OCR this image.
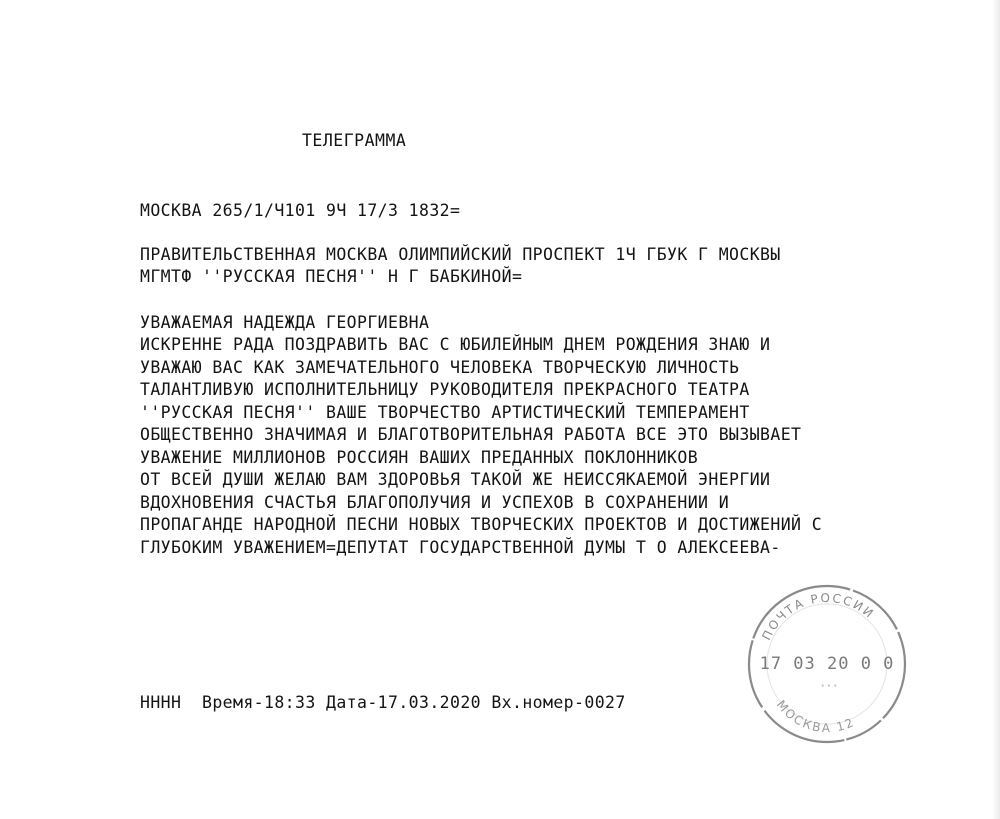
ТЕЛЕГРАММА
МОСКВА 265/1/Ч101 9Ч 17/3 1832=
ПРАВИТЕЛЬСТВЕННАЯ МОСКВА ОЛИМПИЙСКИЙ ПРОСПЕКТ 1Ч ГБУК Г МОСКВЫ
МГМТФ ''РУССКАЯ ПЕСНЯ'' Н Г БАБКИНОЙ=
УВАЖАЕМАЯ НАДЕЖДА ГЕОРГИЕВНА
ИСКРЕННЕ РАДА ПОЗДРАВИТЬ ВАС С ЮБИЛЕЙНЫМ ДНЕМ РОЖДЕНИЯ ЗНАЮ И
УВАЖАЮ ВАС КАК ЗАМЕЧАТЕЛЬНОГО ЧЕЛОВЕКА ТВОРЧЕСКУЮ ЛИЧНОСТЬ
ТАЛАНТЛИВУЮ ИСПОЛНИТЕЛЬНИЦУ РУКОВОДИТЕЛЯ ПРЕКРАСНОГО ТЕАТРА
''РУССКАЯ ПЕСНЯ'' ВАШЕ ТВОРЧЕСТВО АРТИСТИЧЕСКИЙ ТЕМПЕРАМЕНТ
ОБЩЕСТВЕННО ЗНАЧИМАЯ И БЛАГОТВОРИТЕЛЬНАЯ РАБОТА ВСЕ ЭТО ВЫЗЫВАЕТ
УВАЖЕНИЕ МИЛЛИОНОВ РОССИЯН ВАШИХ ПРЕДАННЫХ ПОКЛОННИКОВ
ОТ ВСЕЙ ДУШИ ЖЕЛАЮ ВАМ ЗДОРОВЬЯ ТАКОЙ ЖЕ НЕИССЯКАЕМОЙ ЭНЕРГИИ
ВДОХНОВЕНИЯ СЧАСТЬЯ БЛАГОПОЛУЧИЯ И УСПЕХОВ В СОХРАНЕНИИ И
ПРОПАГАНДЕ НАРОДНОЙ ПЕСНИ НОВЫХ ТВОРЧЕСКИХ ПРОЕКТОВ И ДОСТИЖЕНИЙ С
ГЛУБОКИМ УВАЖЕНИЕМ=ДЕПУТАТ ГОСУДАРСТВЕННОЙ ДУМЫ Т О АЛЕКСЕЕВА-
НННН  Время-18:33 Дата-17.03.2020 Вх.номер-0027
ПОЧТА РОССИИ
17 03 20 0 0
• • •
МОСКВА 12
